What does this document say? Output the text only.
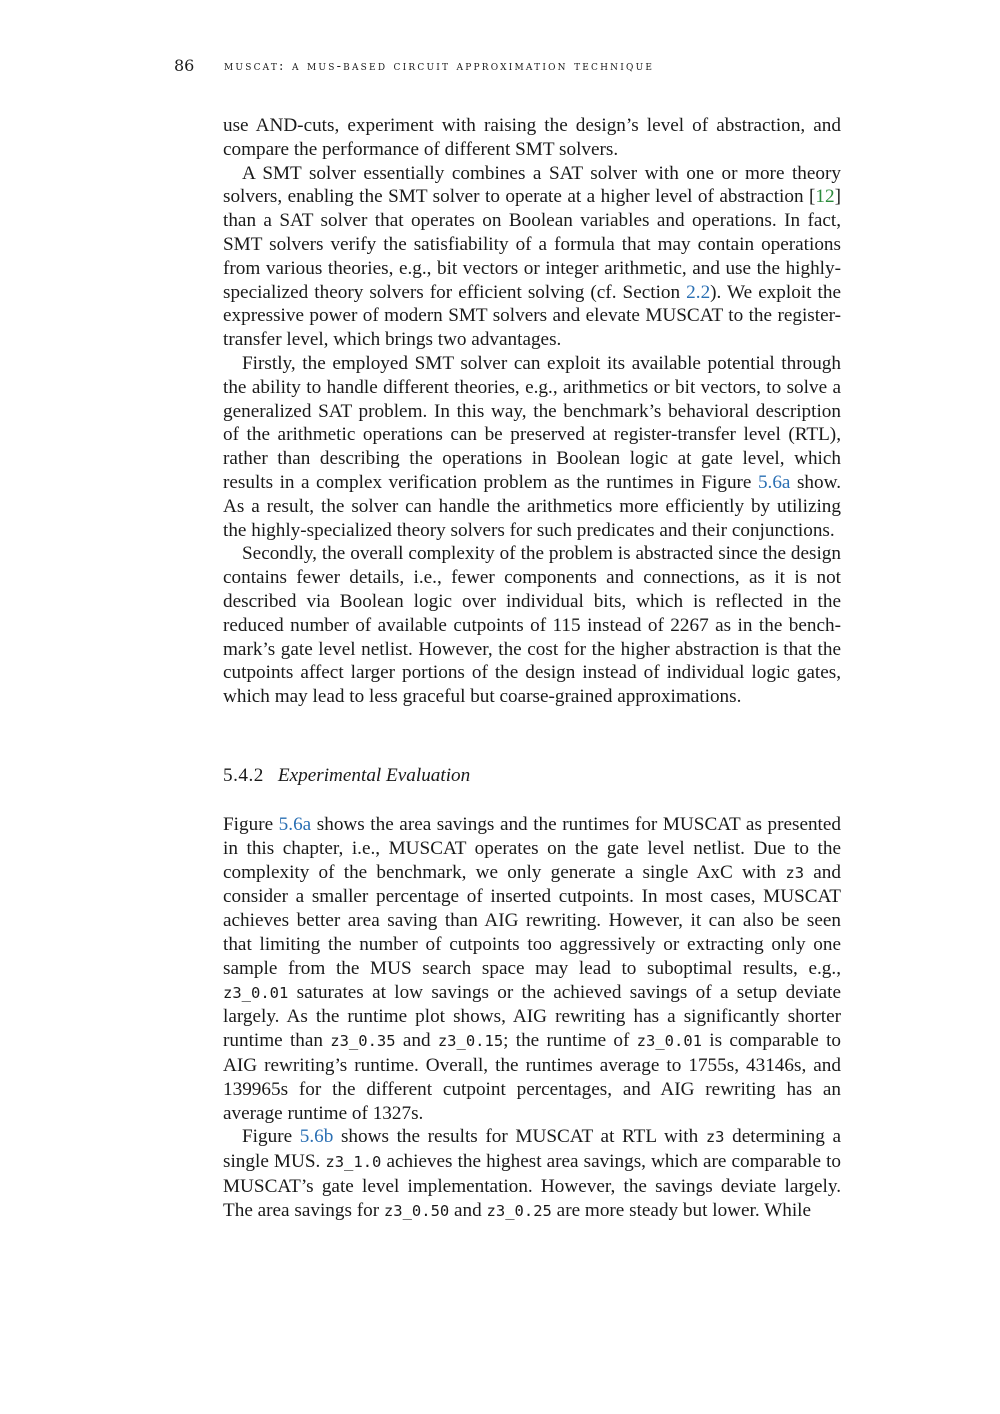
86 muscat: a mus-based circuit approximation technique

use AND-cuts, experiment with raising the design’s level of abstraction, and compare the performance of different SMT solvers.

A SMT solver essentially combines a SAT solver with one or more theory solvers, enabling the SMT solver to operate at a higher level of abstraction [12] than a SAT solver that operates on Boolean variables and operations. In fact, SMT solvers verify the satisfiability of a formula that may contain operations from various theories, e.g., bit vectors or integer arithmetic, and use the highly-specialized theory solvers for efficient solving (cf. Section 2.2). We exploit the expressive power of modern SMT solvers and elevate MUSCAT to the register-transfer level, which brings two advantages.

Firstly, the employed SMT solver can exploit its available potential through the ability to handle different theories, e.g., arithmetics or bit vectors, to solve a generalized SAT problem. In this way, the benchmark’s behavioral description of the arithmetic operations can be preserved at register-transfer level (RTL), rather than describing the operations in Boolean logic at gate level, which results in a complex verification problem as the runtimes in Figure 5.6a show. As a result, the solver can handle the arithmetics more efficiently by utilizing the highly-specialized theory solvers for such predicates and their conjunctions.

Secondly, the overall complexity of the problem is abstracted since the design contains fewer details, i.e., fewer components and connections, as it is not described via Boolean logic over individual bits, which is reflected in the reduced number of available cutpoints of 115 instead of 2267 as in the benchmark’s gate level netlist. However, the cost for the higher abstraction is that the cutpoints affect larger portions of the design instead of individual logic gates, which may lead to less graceful but coarse-grained approximations.

5.4.2 Experimental Evaluation

Figure 5.6a shows the area savings and the runtimes for MUSCAT as presented in this chapter, i.e., MUSCAT operates on the gate level netlist. Due to the complexity of the benchmark, we only generate a single AxC with z3 and consider a smaller percentage of inserted cutpoints. In most cases, MUSCAT achieves better area saving than AIG rewriting. However, it can also be seen that limiting the number of cutpoints too aggressively or extracting only one sample from the MUS search space may lead to suboptimal results, e.g., z3_0.01 saturates at low savings or the achieved savings of a setup deviate largely. As the runtime plot shows, AIG rewriting has a significantly shorter runtime than z3_0.35 and z3_0.15; the runtime of z3_0.01 is comparable to AIG rewriting’s runtime. Overall, the runtimes average to 1755s, 43146s, and 139965s for the different cutpoint percentages, and AIG rewriting has an average runtime of 1327s.

Figure 5.6b shows the results for MUSCAT at RTL with z3 determining a single MUS. z3_1.0 achieves the highest area savings, which are comparable to MUSCAT’s gate level implementation. However, the savings deviate largely. The area savings for z3_0.50 and z3_0.25 are more steady but lower. While
